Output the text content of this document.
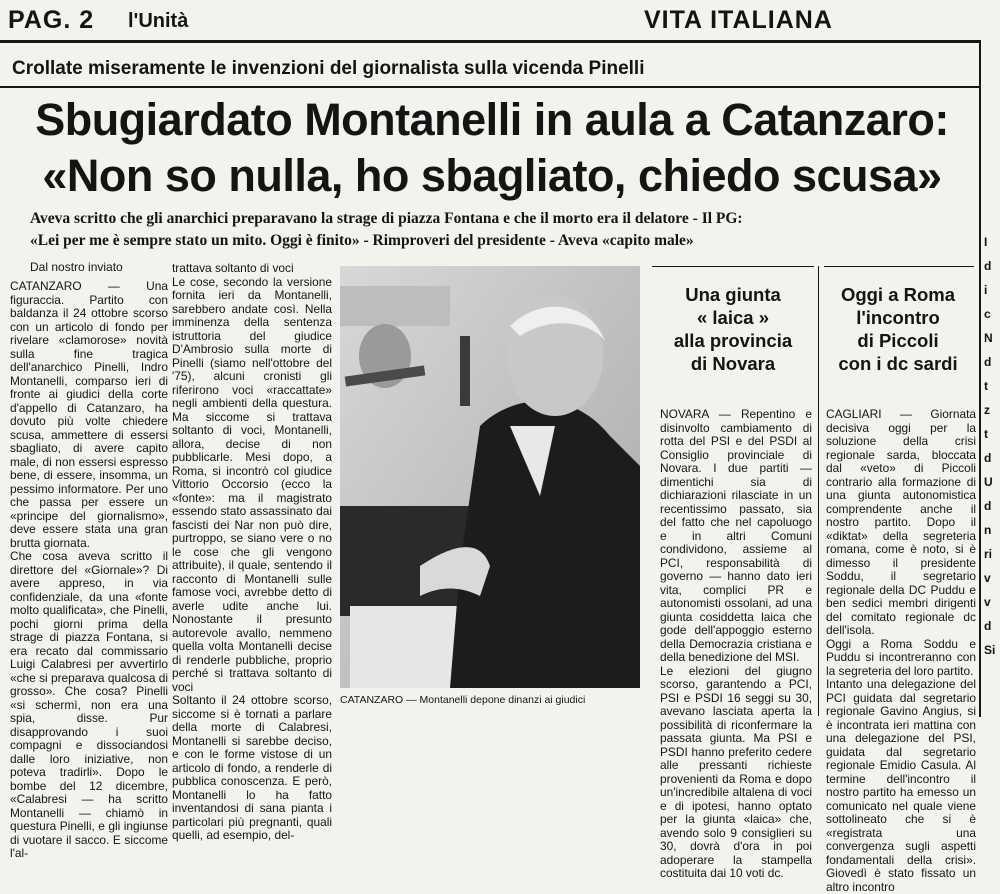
PAG. 2 l'Unità	VITA ITALIANA
Crollate miseramente le invenzioni del giornalista sulla vicenda Pinelli
Sbugiardato Montanelli in aula a Catanzaro:
«Non so nulla, ho sbagliato, chiedo scusa»
Aveva scritto che gli anarchici preparavano la strage di piazza Fontana e che il morto era il delatore - Il PG:
«Lei per me è sempre stato un mito. Oggi è finito» - Rimproveri del presidente - Aveva «capito male»
Dal nostro inviato
CATANZARO — Una figuraccia. Partito con baldanza il 24 ottobre scorso con un articolo di fondo per rivelare «clamorose» novità sulla fine tragica dell'anarchico Pinelli, Indro Montanelli, comparso ieri di fronte ai giudici della corte d'appello di Catanzaro, ha dovuto più volte chiedere scusa, ammettere di essersi sbagliato, di avere capito male, di non essersi espresso bene, di essere, insomma, un pessimo informatore. Per uno che passa per essere un «principe del giornalismo», deve essere stata una gran brutta giornata.
Che cosa aveva scritto il direttore del «Giornale»? Di avere appreso, in via confidenziale, da una «fonte molto qualificata», che Pinelli, pochi giorni prima della strage di piazza Fontana, si era recato dal commissario Luigi Calabresi per avvertirlo «che si preparava qualcosa di grosso». Che cosa? Pinelli «si schermì, non era una spia, disse. Pur disapprovando i suoi compagni e dissociandosi dalle loro iniziative, non poteva tradirli». Dopo le bombe del 12 dicembre, «Calabresi — ha scritto Montanelli — chiamò in questura Pinelli, e gli ingiunse di vuotare il sacco. E siccome l'al-
trattava soltanto di voci
Le cose, secondo la versione fornita ieri da Montanelli, sarebbero andate così. Nella imminenza della sentenza istruttoria del giudice D'Ambrosio sulla morte di Pinelli (siamo nell'ottobre del '75), alcuni cronisti gli riferirono voci «raccattate» negli ambienti della questura. Ma siccome si trattava soltanto di voci, Montanelli, allora, decise di non pubblicarle. Mesi dopo, a Roma, si incontrò col giudice Vittorio Occorsio (ecco la «fonte»: ma il magistrato essendo stato assassinato dai fascisti dei Nar non può dire, purtroppo, se siano vere o no le cose che gli vengono attribuite), il quale, sentendo il racconto di Montanelli sulle famose voci, avrebbe detto di averle udite anche lui. Nonostante il presunto autorevole avallo, nemmeno quella volta Montanelli decise di renderle pubbliche, proprio perché si trattava soltanto di voci
Soltanto il 24 ottobre scorso, siccome si è tornati a parlare della morte di Calabresi, Montanelli si sarebbe deciso, e con le forme vistose di un articolo di fondo, a renderle di pubblica conoscenza. E però, Montanelli lo ha fatto inventandosi di sana pianta i particolari più pregnanti, quali quelli, ad esempio, del-
CATANZARO — Montanelli depone dinanzi ai giudici
Una giunta
« laica »
alla provincia
di Novara
NOVARA — Repentino e disinvolto cambiamento di rotta del PSI e del PSDI al Consiglio provinciale di Novara. I due partiti — dimentichi sia di dichiarazioni rilasciate in un recentissimo passato, sia del fatto che nel capoluogo e in altri Comuni condividono, assieme al PCI, responsabilità di governo — hanno dato ieri vita, complici PR e autonomisti ossolani, ad una giunta cosiddetta laica che gode dell'appoggio esterno della Democrazia cristiana e della benedizione del MSI.
Le elezioni del giugno scorso, garantendo a PCI, PSI e PSDI 16 seggi su 30, avevano lasciata aperta la possibilità di riconfermare la passata giunta. Ma PSI e PSDI hanno preferito cedere alle pressanti richieste provenienti da Roma e dopo un'incredibile altalena di voci e di ipotesi, hanno optato per la giunta «laica» che, avendo solo 9 consiglieri su 30, dovrà d'ora in poi adoperare la stampella costituita dai 10 voti dc.
Oggi a Roma
l'incontro
di Piccoli
con i dc sardi
CAGLIARI — Giornata decisiva oggi per la soluzione della crisi regionale sarda, bloccata dal «veto» di Piccoli contrario alla formazione di una giunta autonomistica comprendente anche il nostro partito. Dopo il «diktat» della segreteria romana, come è noto, si è dimesso il presidente Soddu, il segretario regionale della DC Puddu e ben sedici membri dirigenti del comitato regionale dc dell'isola.
Oggi a Roma Soddu e Puddu si incontreranno con la segreteria del loro partito.
Intanto una delegazione del PCI guidata dal segretario regionale Gavino Angius, si è incontrata ieri mattina con una delegazione del PSI, guidata dal segretario regionale Emidio Casula. Al termine dell'incontro il nostro partito ha emesso un comunicato nel quale viene sottolineato che si è «registrata una convergenza sugli aspetti fondamentali della crisi». Giovedì è stato fissato un altro incontro
I
d
i
c
N
d
t
z
t
d
U
d
n
ri
v
v
d
Si
